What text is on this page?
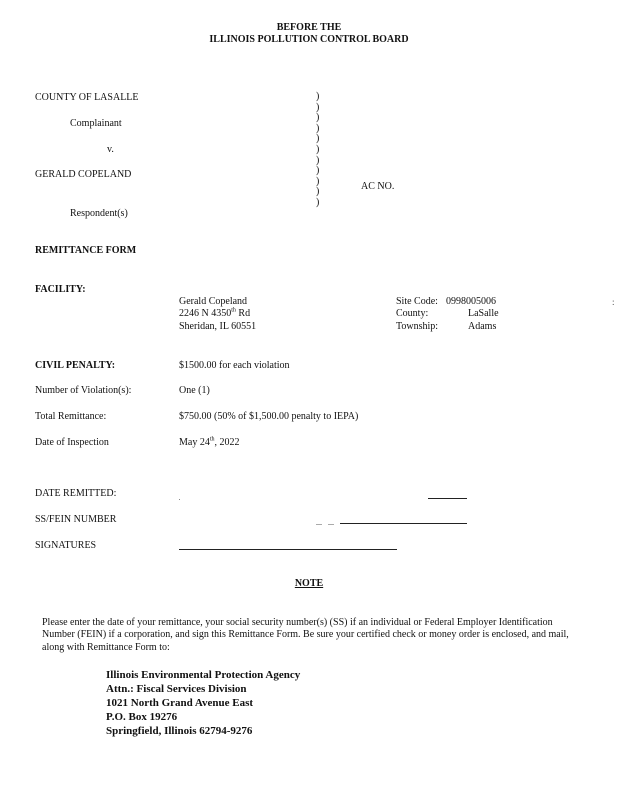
BEFORE THE
ILLINOIS POLLUTION CONTROL BOARD
COUNTY OF LASALLE
Complainant
v.
GERALD COPELAND
Respondent(s)
)
)
)
)
)
)
)
)
)
)
)
AC NO.
REMITTANCE FORM
FACILITY:
Gerald Copeland
2246 N 4350th Rd
Sheridan, IL 60551
Site Code: 0998005006
County:	LaSalle
Township:	Adams
CIVIL PENALTY:	$1500.00 for each violation
Number of Violation(s):	One (1)
Total Remittance:	$750.00 (50% of $1,500.00 penalty to IEPA)
Date of Inspection	May 24th, 2022
DATE REMITTED:
SS/FEIN NUMBER
SIGNATURES
NOTE
Please enter the date of your remittance, your social security number(s) (SS) if an individual or Federal Employer Identification Number (FEIN) if a corporation, and sign this Remittance Form. Be sure your certified check or money order is enclosed, and mail, along with Remittance Form to:
Illinois Environmental Protection Agency
Attn.: Fiscal Services Division
1021 North Grand Avenue East
P.O. Box 19276
Springfield, Illinois 62794-9276
:
